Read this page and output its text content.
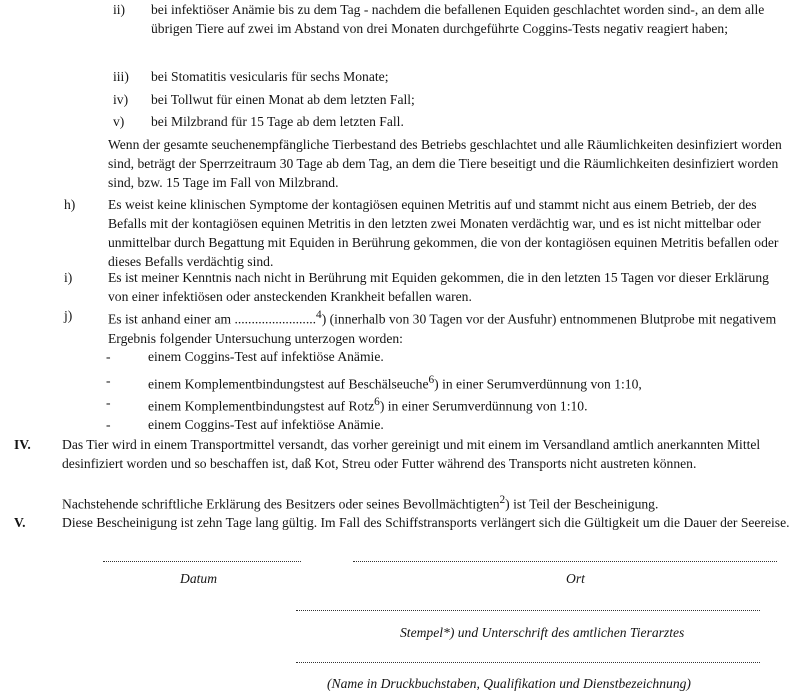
ii) bei infektiöser Anämie bis zu dem Tag - nachdem die befallenen Equiden geschlachtet worden sind-, an dem alle übrigen Tiere auf zwei im Abstand von drei Monaten durchgeführte Coggins-Tests negativ reagiert haben;
iii) bei Stomatitis vesicularis für sechs Monate;
iv) bei Tollwut für einen Monat ab dem letzten Fall;
v) bei Milzbrand für 15 Tage ab dem letzten Fall.
Wenn der gesamte seuchenempfängliche Tierbestand des Betriebs geschlachtet und alle Räumlichkeiten desinfiziert worden sind, beträgt der Sperrzeitraum 30 Tage ab dem Tag, an dem die Tiere beseitigt und die Räumlichkeiten desinfiziert worden sind, bzw. 15 Tage im Fall von Milzbrand.
h) Es weist keine klinischen Symptome der kontagiösen equinen Metritis auf und stammt nicht aus einem Betrieb, der des Befalls mit der kontagiösen equinen Metritis in den letzten zwei Monaten verdächtig war, und es ist nicht mittelbar oder unmittelbar durch Begattung mit Equiden in Berührung gekommen, die von der kontagiösen equinen Metritis befallen oder dieses Befalls verdächtig sind.
i)	Es ist meiner Kenntnis nach nicht in Berührung mit Equiden gekommen, die in den letzten 15 Tagen vor dieser Erklärung von einer infektiösen oder ansteckenden Krankheit befallen waren.
j)	Es ist anhand einer am ........................$^4$) (innerhalb von 30 Tagen vor der Ausfuhr) entnommenen Blutprobe mit negativem Ergebnis folgender Untersuchung unterzogen worden:
-	einem Coggins-Test auf infektiöse Anämie.
-	einem Komplementbindungstest auf Beschälseuche$^6$) in einer Serumverdünnung von 1:10,
-	einem Komplementbindungstest auf Rotz$^6$) in einer Serumverdünnung von 1:10.
-	einem Coggins-Test auf infektiöse Anämie.
IV. Das Tier wird in einem Transportmittel versandt, das vorher gereinigt und mit einem im Versandland amtlich anerkannten Mittel desinfiziert worden und so beschaffen ist, daß Kot, Streu oder Futter während des Transports nicht austreten können.
Nachstehende schriftliche Erklärung des Besitzers oder seines Bevollmächtigten$^2$) ist Teil der Bescheinigung.
V.	Diese Bescheinigung ist zehn Tage lang gültig. Im Fall des Schiffstransports verlängert sich die Gültigkeit um die Dauer der Seereise.
Datum	Ort
Stempel*) und Unterschrift des amtlichen Tierarztes
(Name in Druckbuchstaben, Qualifikation und Dienstbezeichnung)
